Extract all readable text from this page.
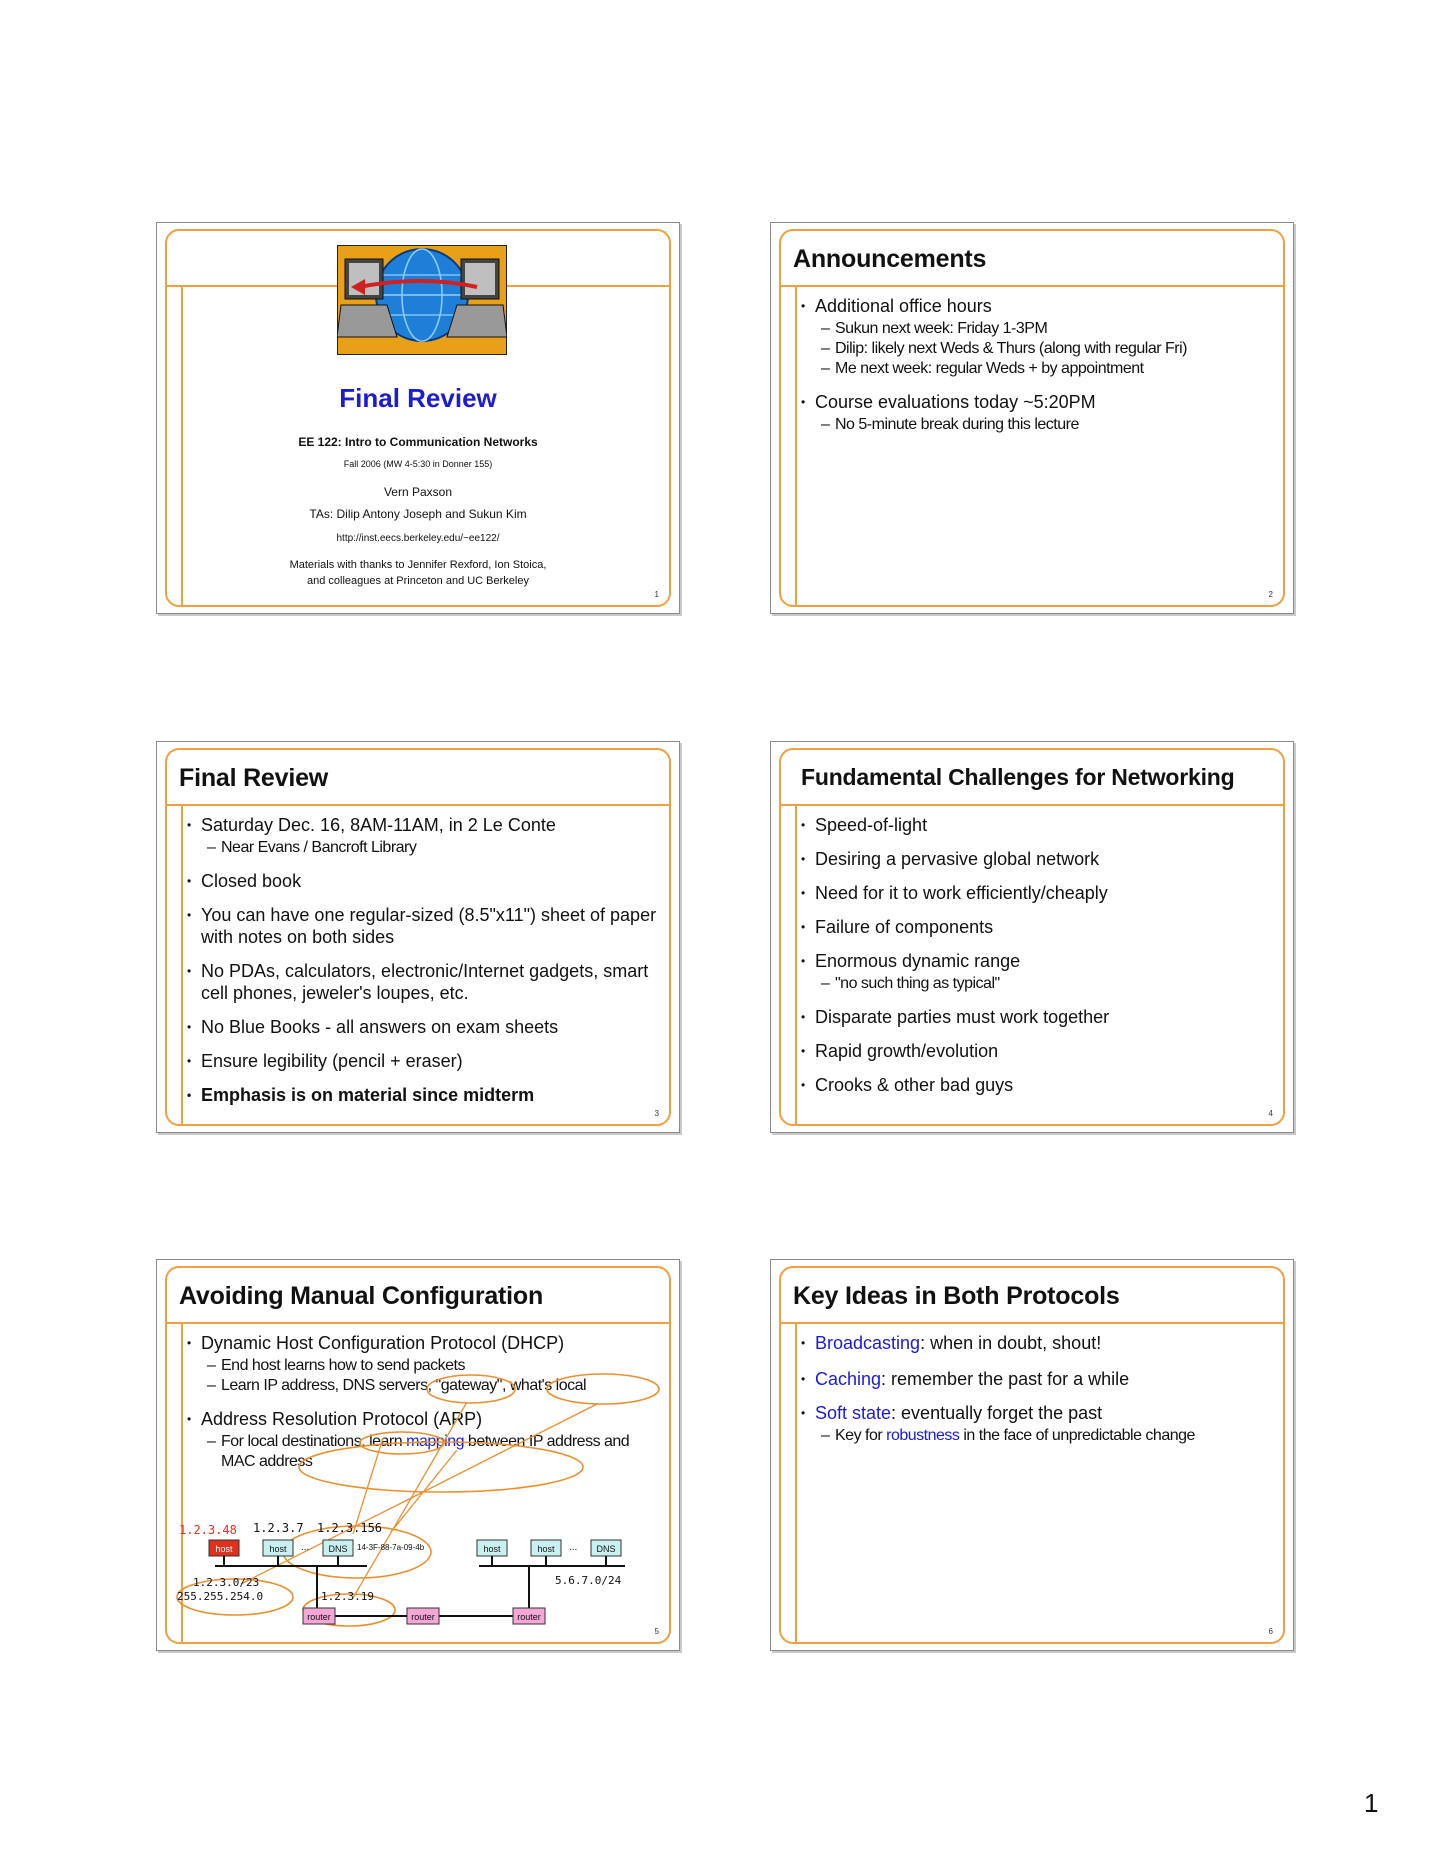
Final Review
EE 122: Intro to Communication Networks
Fall 2006 (MW 4-5:30 in Donner 155)
Vern Paxson
TAs: Dilip Antony Joseph and Sukun Kim
http://inst.eecs.berkeley.edu/~ee122/
Materials with thanks to Jennifer Rexford, Ion Stoica,
and colleagues at Princeton and UC Berkeley
1
Announcements
• Additional office hours
– Sukun next week: Friday 1-3PM
– Dilip: likely next Weds & Thurs (along with regular Fri)
– Me next week: regular Weds + by appointment
• Course evaluations today ~5:20PM
– No 5-minute break during this lecture
2
Final Review
• Saturday Dec. 16, 8AM-11AM, in 2 Le Conte
– Near Evans / Bancroft Library
• Closed book
• You can have one regular-sized (8.5"x11") sheet of paper with notes on both sides
• No PDAs, calculators, electronic/Internet gadgets, smart cell phones, jeweler's loupes, etc.
• No Blue Books - all answers on exam sheets
• Ensure legibility (pencil + eraser)
• Emphasis is on material since midterm
3
Fundamental Challenges for Networking
• Speed-of-light
• Desiring a pervasive global network
• Need for it to work efficiently/cheaply
• Failure of components
• Enormous dynamic range
– "no such thing as typical"
• Disparate parties must work together
• Rapid growth/evolution
• Crooks & other bad guys
4
Avoiding Manual Configuration
• Dynamic Host Configuration Protocol (DHCP)
– End host learns how to send packets
– Learn IP address, DNS servers, "gateway", what's local
• Address Resolution Protocol (ARP)
– For local destinations, learn mapping between IP address and MAC address
1.2.3.48 1.2.3.7 1.2.3.156
host	host ... DNS 14-3F-88-7a-09-4b	host	host ... DNS
1.2.3.0/23
255.255.254.0	1.2.3.19
5.6.7.0/24
router	router	router
5
Key Ideas in Both Protocols
• Broadcasting: when in doubt, shout!
• Caching: remember the past for a while
• Soft state: eventually forget the past
– Key for robustness in the face of unpredictable change
6
1
